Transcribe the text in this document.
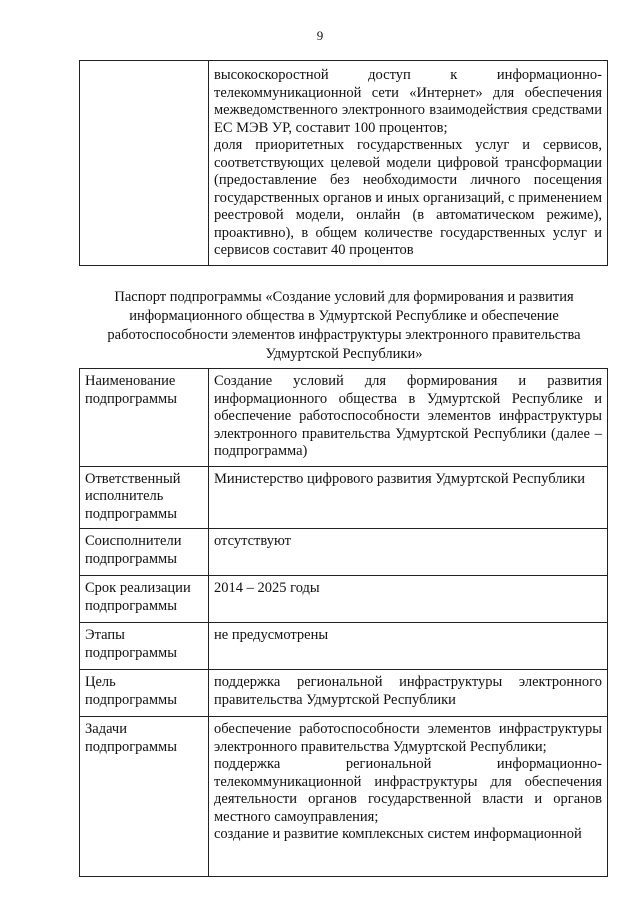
9

высокоскоростной доступ к информационно-телекоммуникационной сети «Интернет» для обеспечения межведомственного электронного взаимодействия средствами ЕС МЭВ УР, составит 100 процентов;
доля приоритетных государственных услуг и сервисов, соответствующих целевой модели цифровой трансформации (предоставление без необходимости личного посещения государственных органов и иных организаций, с применением реестровой модели, онлайн (в автоматическом режиме), проактивно), в общем количестве государственных услуг и сервисов составит 40 процентов
Паспорт подпрограммы «Создание условий для формирования и развития информационного общества в Удмуртской Республике и обеспечение работоспособности элементов инфраструктуры электронного правительства Удмуртской Республики»
Наименование подпрограммы	Создание условий для формирования и развития информационного общества в Удмуртской Республике и обеспечение работоспособности элементов инфраструктуры электронного правительства Удмуртской Республики (далее – подпрограмма)
Ответственный исполнитель подпрограммы	Министерство цифрового развития Удмуртской Республики
Соисполнители подпрограммы	отсутствуют
Срок реализации подпрограммы	2014 – 2025 годы
Этапы подпрограммы	не предусмотрены
Цель подпрограммы	поддержка региональной инфраструктуры электронного правительства Удмуртской Республики
Задачи подпрограммы	обеспечение работоспособности элементов инфраструктуры электронного правительства Удмуртской Республики;
поддержка региональной информационно-телекоммуникационной инфраструктуры для обеспечения деятельности органов государственной власти и органов местного самоуправления;
создание и развитие комплексных систем информационной
